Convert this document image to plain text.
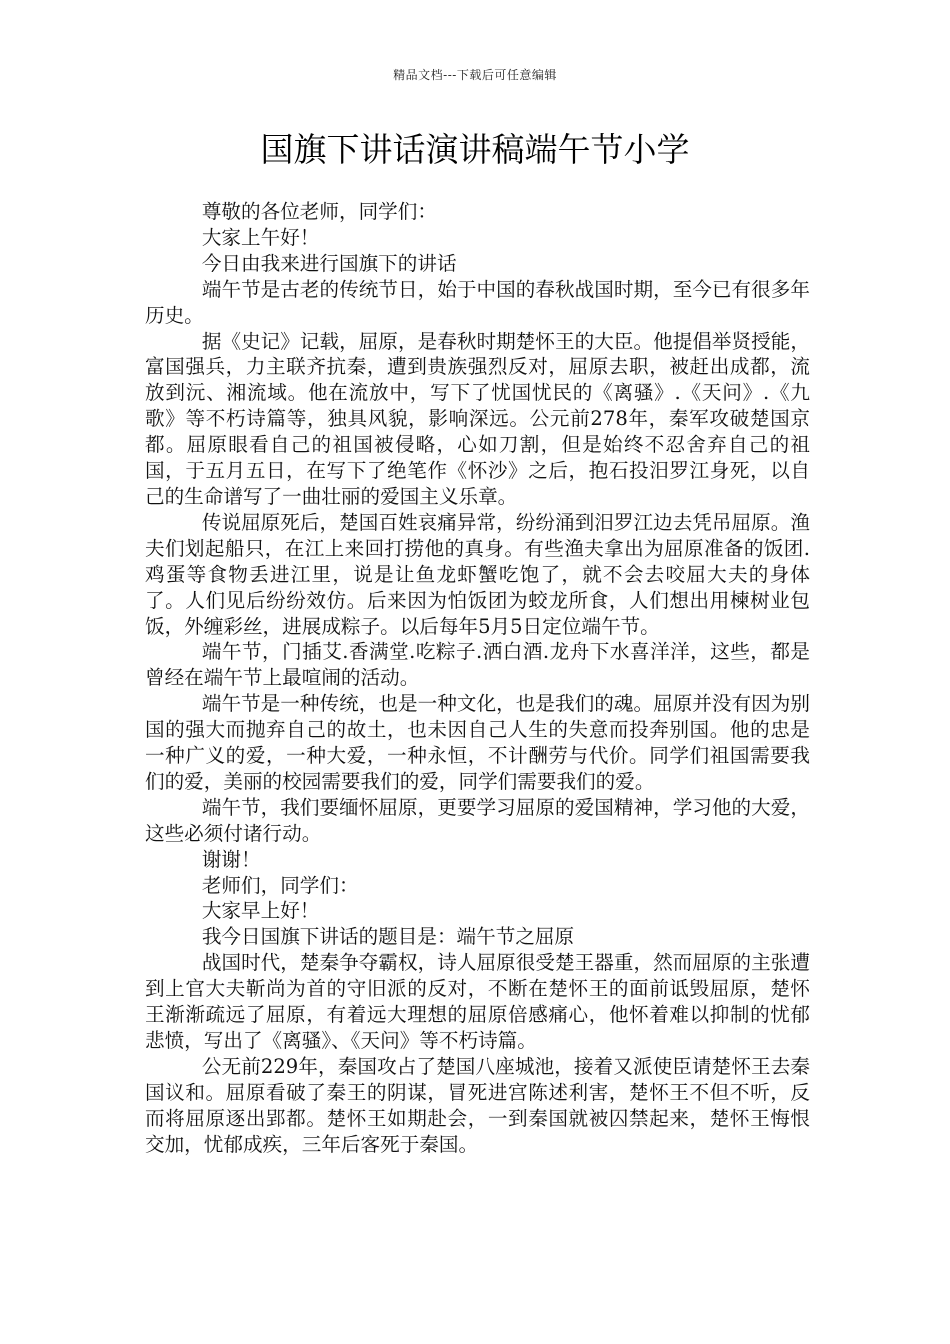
精品文档---下载后可任意编辑
国旗下讲话演讲稿端午节小学

尊敬的各位老师，同学们：

大家上午好！

今日由我来进行国旗下的讲话

端午节是古老的传统节日，始于中国的春秋战国时期，至今已有很多年历史。

据《史记》记载，屈原，是春秋时期楚怀王的大臣。他提倡举贤授能，富国强兵，力主联齐抗秦，遭到贵族强烈反对，屈原去职，被赶出成都，流放到沅、湘流域。他在流放中，写下了忧国忧民的《离骚》.《天问》.《九歌》等不朽诗篇等，独具风貌，影响深远。公元前278年，秦军攻破楚国京都。屈原眼看自己的祖国被侵略，心如刀割，但是始终不忍舍弃自己的祖国，于五月五日，在写下了绝笔作《怀沙》之后，抱石投汨罗江身死，以自己的生命谱写了一曲壮丽的爱国主义乐章。

传说屈原死后，楚国百姓哀痛异常，纷纷涌到汨罗江边去凭吊屈原。渔夫们划起船只，在江上来回打捞他的真身。有些渔夫拿出为屈原准备的饭团.鸡蛋等食物丢进江里，说是让鱼龙虾蟹吃饱了，就不会去咬屈大夫的身体了。人们见后纷纷效仿。后来因为怕饭团为蛟龙所食，人们想出用楝树业包饭，外缠彩丝，进展成粽子。以后每年5月5日定位端午节。

端午节，门插艾.香满堂.吃粽子.洒白酒.龙舟下水喜洋洋，这些，都是曾经在端午节上最喧闹的活动。

端午节是一种传统，也是一种文化，也是我们的魂。屈原并没有因为别国的强大而抛弃自己的故土，也未因自己人生的失意而投奔别国。他的忠是一种广义的爱，一种大爱，一种永恒，不计酬劳与代价。同学们祖国需要我们的爱，美丽的校园需要我们的爱，同学们需要我们的爱。

端午节，我们要缅怀屈原，更要学习屈原的爱国精神，学习他的大爱，这些必须付诸行动。

谢谢！

老师们，同学们：

大家早上好！

我今日国旗下讲话的题目是：端午节之屈原

战国时代，楚秦争夺霸权，诗人屈原很受楚王器重，然而屈原的主张遭到上官大夫靳尚为首的守旧派的反对，不断在楚怀王的面前诋毁屈原，楚怀王渐渐疏远了屈原，有着远大理想的屈原倍感痛心，他怀着难以抑制的忧郁悲愤，写出了《离骚》、《天问》等不朽诗篇。

公无前229年，秦国攻占了楚国八座城池，接着又派使臣请楚怀王去秦国议和。屈原看破了秦王的阴谋，冒死进宫陈述利害，楚怀王不但不听，反而将屈原逐出郢都。楚怀王如期赴会，一到秦国就被囚禁起来，楚怀王悔恨交加，忧郁成疾，三年后客死于秦国。
